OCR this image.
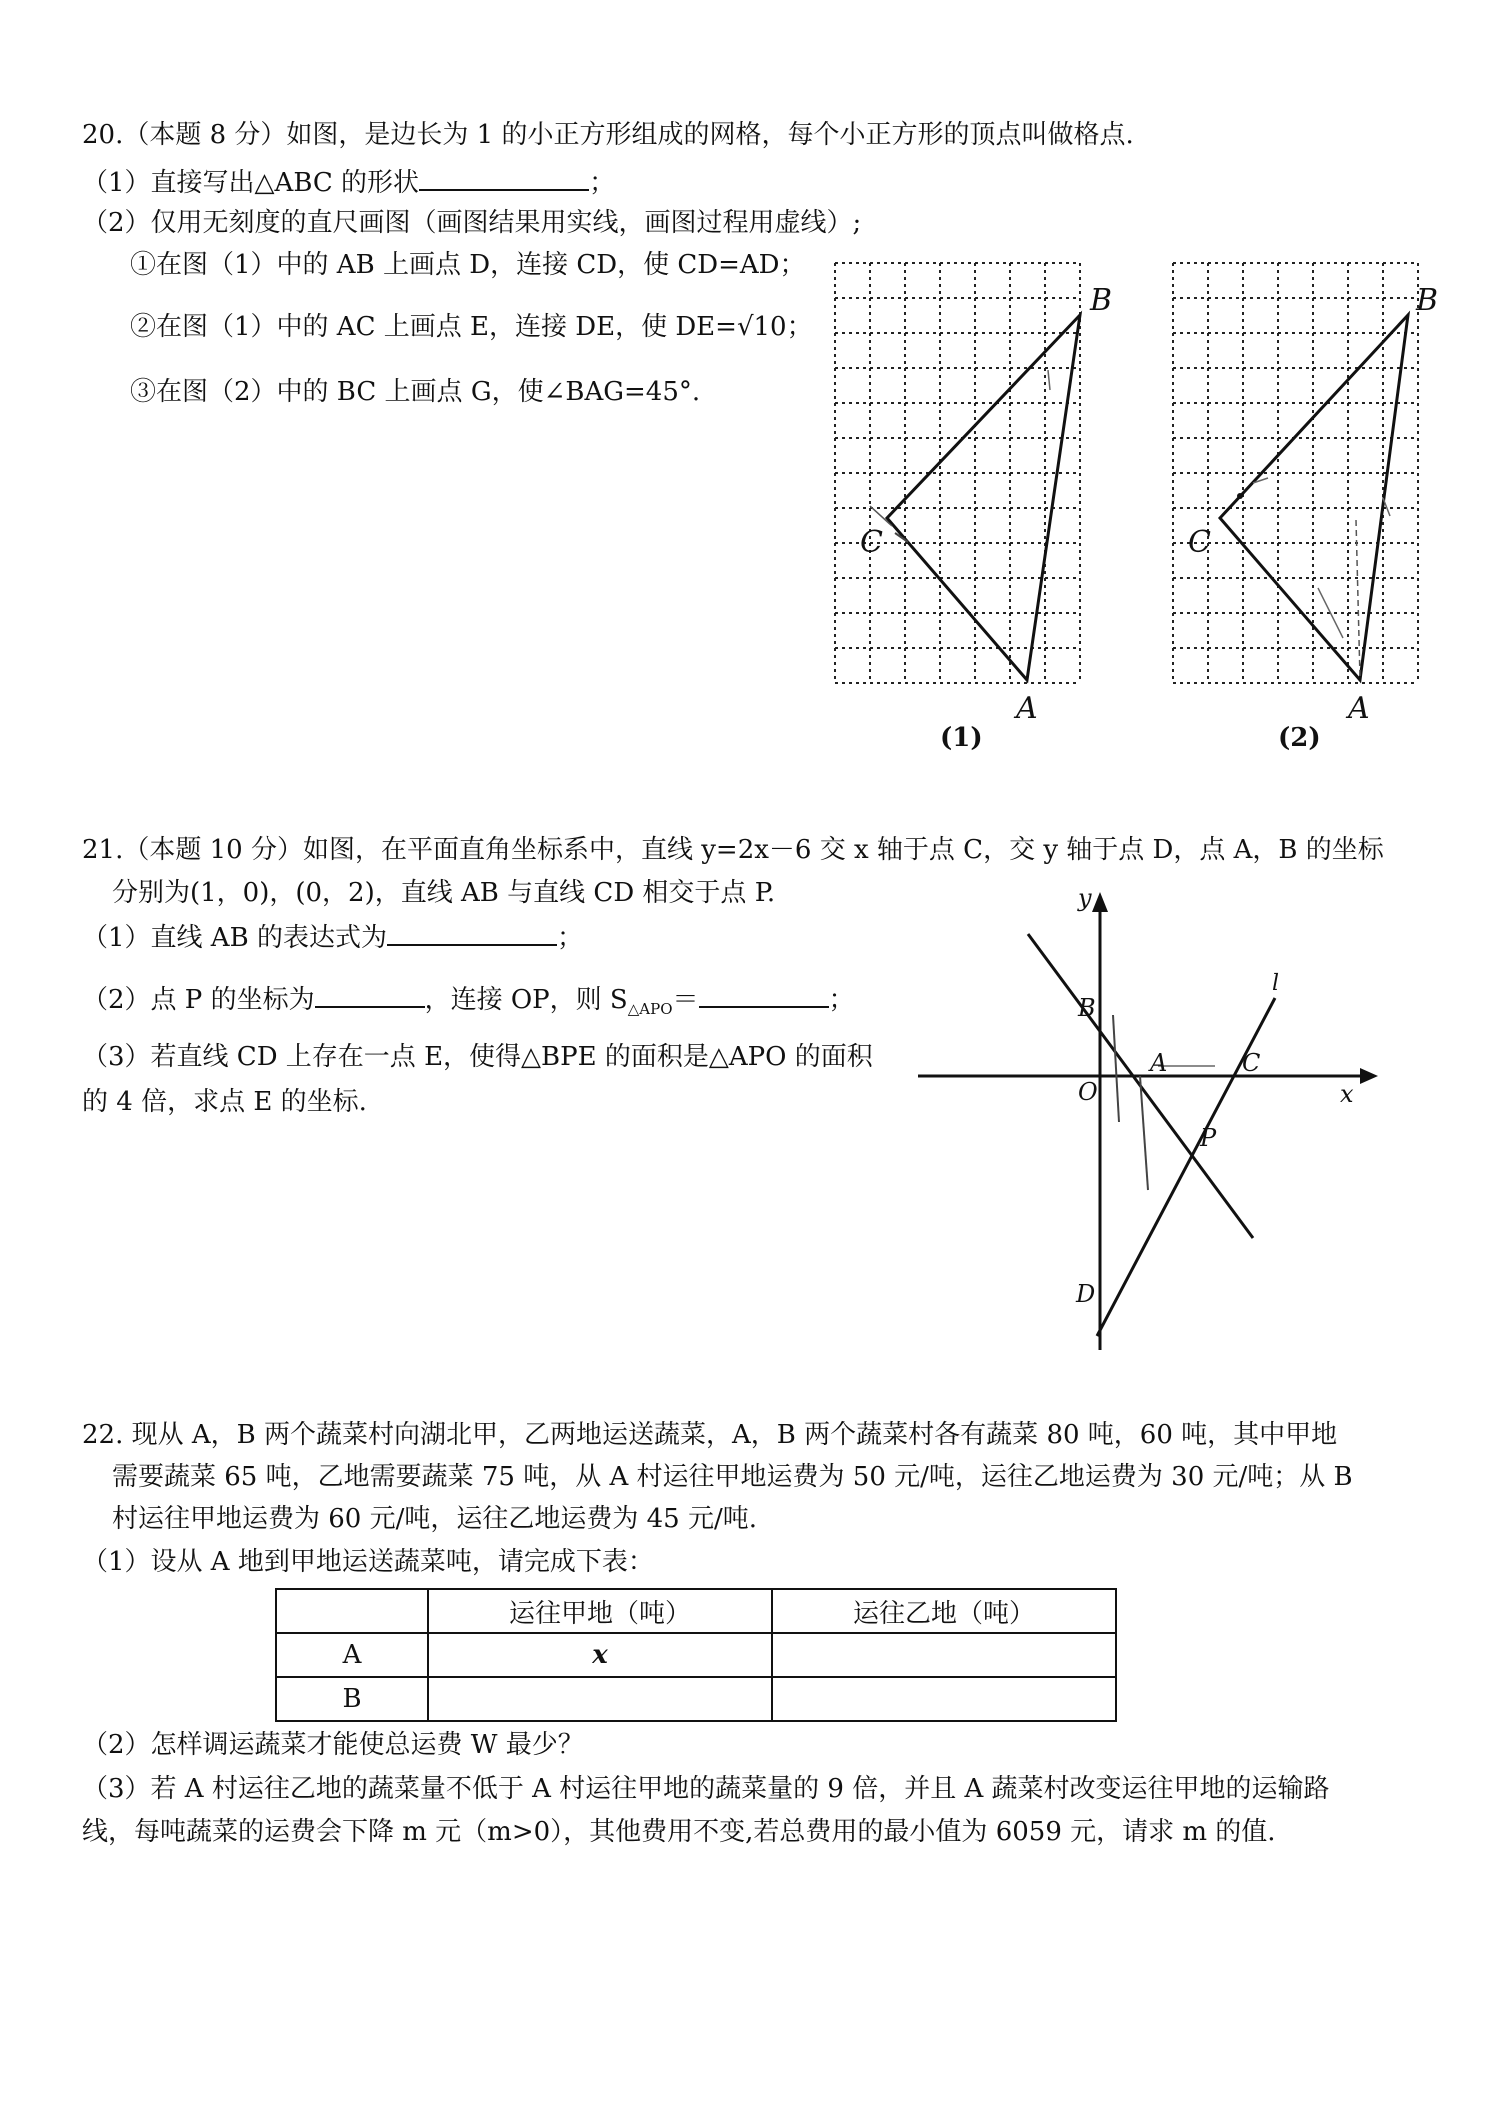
20.（本题 8 分）如图，是边长为 1 的小正方形组成的网格，每个小正方形的顶点叫做格点.
（1）直接写出△ABC 的形状	；
（2）仅用无刻度的直尺画图（画图结果用实线，画图过程用虚线）;
①在图（1）中的 AB 上画点 D，连接 CD，使 CD=AD；
②在图（1）中的 AC 上画点 E，连接 DE，使 DE=√10；
③在图（2）中的 BC 上画点 G，使∠BAG=45°.
B
C
A
(1)
B
C
A
(2)
21.（本题 10 分）如图，在平面直角坐标系中，直线 y=2x－6 交 x 轴于点 C，交 y 轴于点 D，点 A，B 的坐标
分别为(1，0)，(0，2)，直线 AB 与直线 CD 相交于点 P.
（1）直线 AB 的表达式为	；
（2）点 P 的坐标为	，连接 OP，则 $S_{\triangle APO}=$	；
（3）若直线 CD 上存在一点 E，使得△BPE 的面积是△APO 的面积
的 4 倍，求点 E 的坐标.
y
x
O
B
A	C
P
D
l
22. 现从 A，B 两个蔬菜村向湖北甲，乙两地运送蔬菜，A，B 两个蔬菜村各有蔬菜 80 吨，60 吨，其中甲地
需要蔬菜 65 吨，乙地需要蔬菜 75 吨，从 A 村运往甲地运费为 50 元/吨，运往乙地运费为 30 元/吨；从 B
村运往甲地运费为 60 元/吨，运往乙地运费为 45 元/吨.
（1）设从 A 地到甲地运送蔬菜吨，请完成下表：
	运往甲地（吨）	运往乙地（吨）
A	x	
B		
（2）怎样调运蔬菜才能使总运费 W 最少？
（3）若 A 村运往乙地的蔬菜量不低于 A 村运往甲地的蔬菜量的 9 倍，并且 A 蔬菜村改变运往甲地的运输路
线，每吨蔬菜的运费会下降 m 元（m>0），其他费用不变,若总费用的最小值为 6059 元，请求 m 的值.
